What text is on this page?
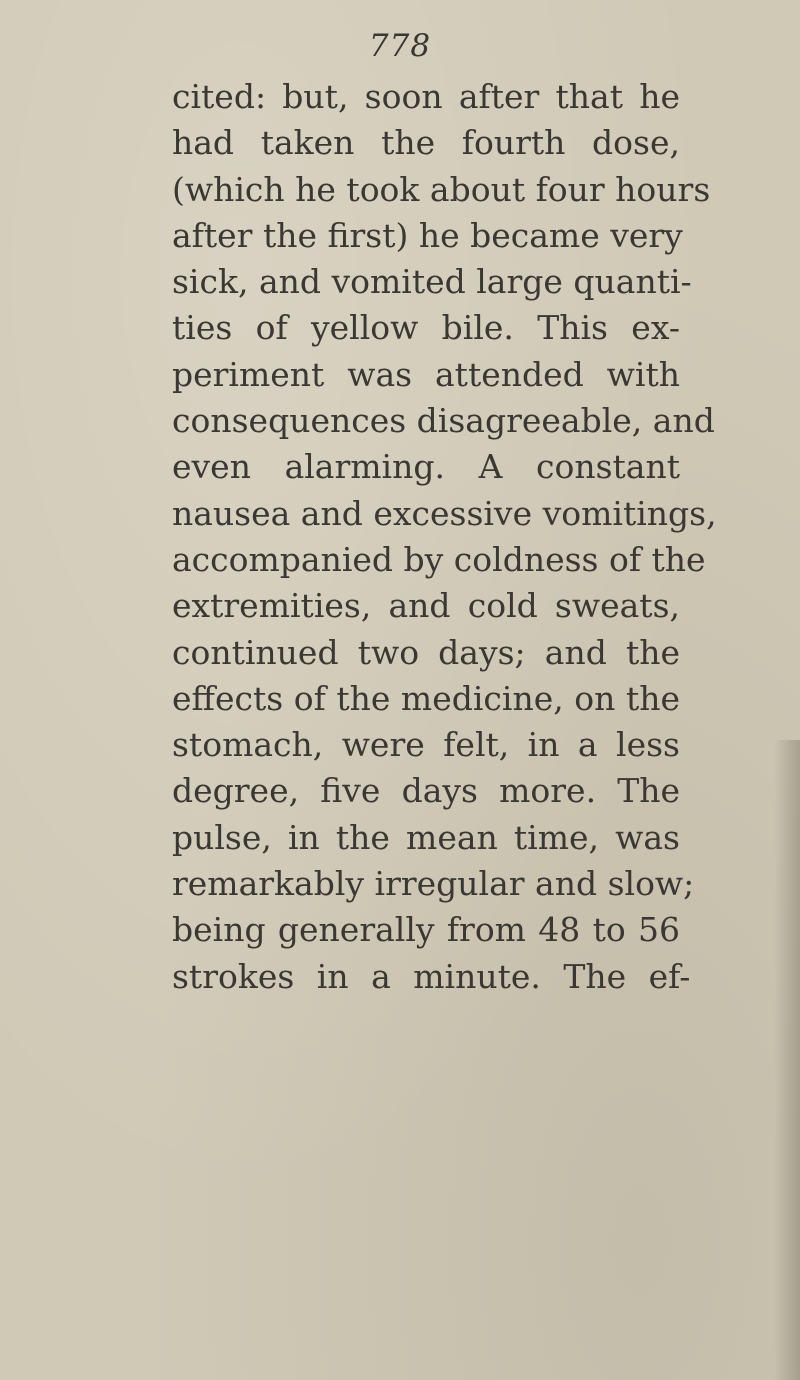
778
cited: but, soon after that he
had taken the fourth dose,
(which he took about four hours
after the first) he became very
sick, and vomited large quanti-
ties of yellow bile. This ex-
periment was attended with
consequences disagreeable, and
even alarming. A constant
nausea and excessive vomitings,
accompanied by coldness of the
extremities, and cold sweats,
continued two days; and the
effects of the medicine, on the
stomach, were felt, in a less
degree, five days more. The
pulse, in the mean time, was
remarkably irregular and slow;
being generally from 48 to 56
strokes in a minute. The ef-
